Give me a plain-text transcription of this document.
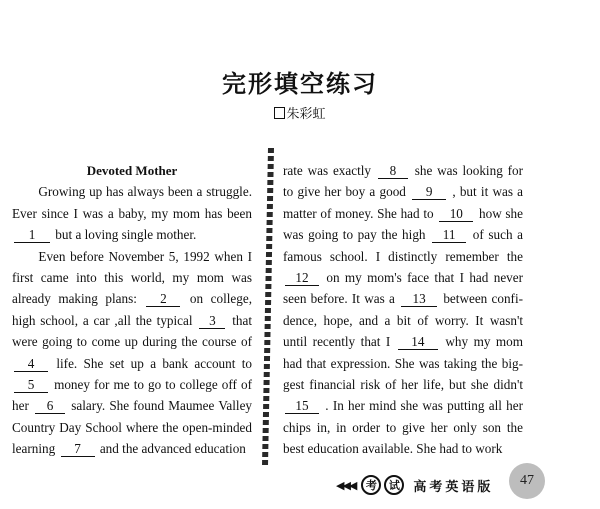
完形填空练习
朱彩虹

Devoted Mother

Growing up has always been a struggle. Ever since I was a baby, my mom has been 1 but a loving single mother.

Even before November 5, 1992 when I first came into this world, my mom was already making plans: 2 on college, high school, a car ,all the typical 3 that were going to come up during the course of 4 life. She set up a bank account to 5 money for me to go to college off of her 6 salary. She found Maumee Valley Country Day School where the open-minded learning 7 and the advanced education

rate was exactly 8 she was looking for to give her boy a good 9 , but it was a matter of money. She had to 10 how she was going to pay the high 11 of such a famous school. I distinctly remember the 12 on my mom's face that I had never seen before. It was a 13 between confi- dence, hope, and a bit of worry. It wasn't until recently that I 14 why my mom had that expression. She was taking the big- gest financial risk of her life, but she didn't 15 . In her mind she was putting all her chips in, in order to give her only son the best education available. She had to work

◀◀◀ 考	试	高考英语版	47
